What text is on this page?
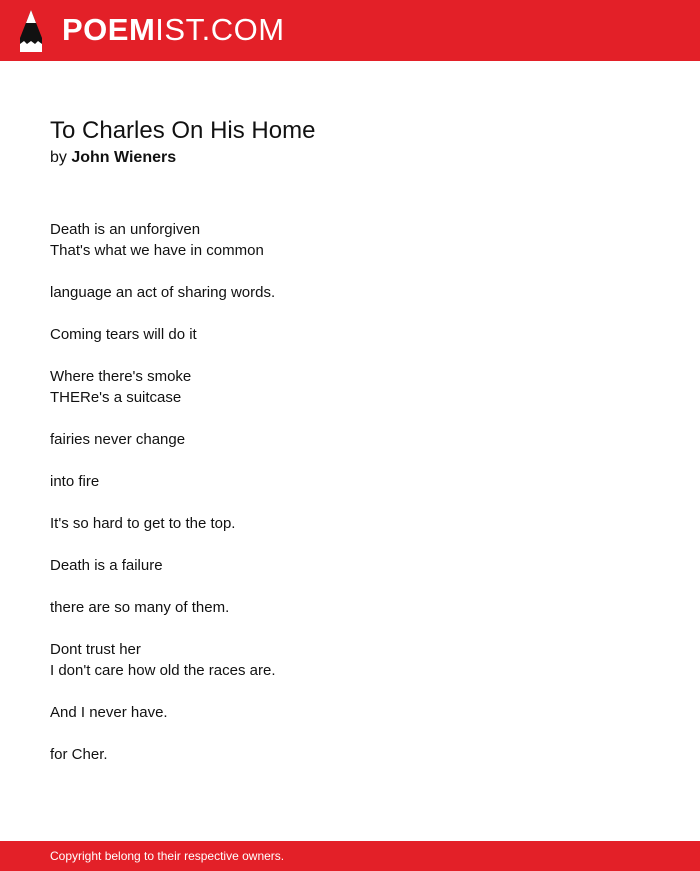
POEMIST.COM
To Charles On His Home

by John Wieners

Death is an unforgiven
That's what we have in common

language an act of sharing words.

Coming tears will do it

Where there's smoke
THERe's a suitcase

fairies never change

into fire

It's so hard to get to the top.

Death is a failure

there are so many of them.

Dont trust her
I don't care how old the races are.

And I never have.

for Cher.

Copyright belong to their respective owners.
